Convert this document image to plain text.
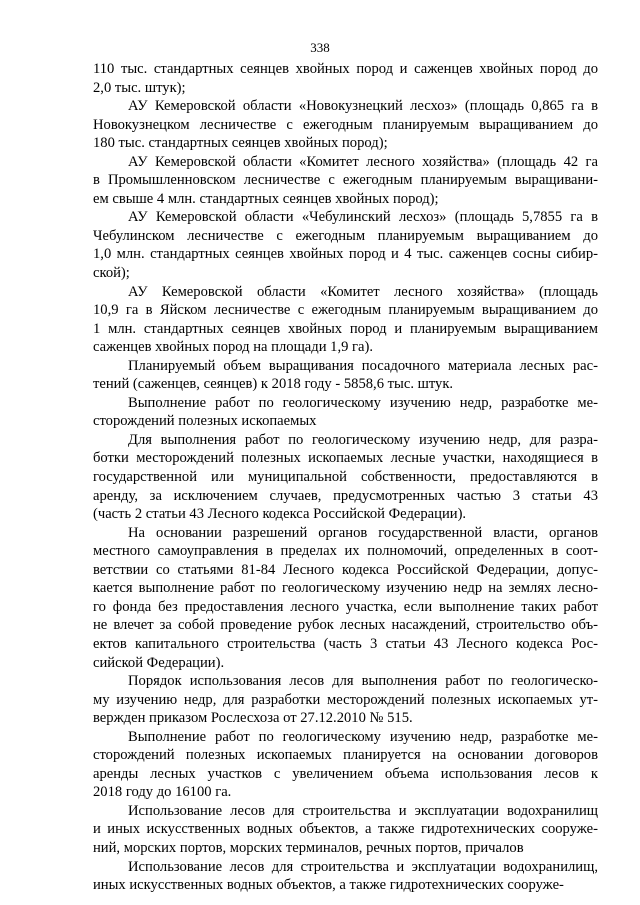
338
110 тыс. стандартных сеянцев хвойных пород и саженцев хвойных пород до
2,0 тыс. штук);
АУ Кемеровской области «Новокузнецкий лесхоз» (площадь 0,865 га в
Новокузнецком лесничестве с ежегодным планируемым выращиванием до
180 тыс. стандартных сеянцев хвойных пород);
АУ Кемеровской области «Комитет лесного хозяйства» (площадь 42 га
в Промышленновском лесничестве с ежегодным планируемым выращивани-
ем свыше 4 млн. стандартных сеянцев хвойных пород);
АУ Кемеровской области «Чебулинский лесхоз» (площадь 5,7855 га в
Чебулинском лесничестве с ежегодным планируемым выращиванием до
1,0 млн. стандартных сеянцев хвойных пород и 4 тыс. саженцев сосны сибир-
ской);
АУ Кемеровской области «Комитет лесного хозяйства» (площадь
10,9 га в Яйском лесничестве с ежегодным планируемым выращиванием до
1 млн. стандартных сеянцев хвойных пород и планируемым выращиванием
саженцев хвойных пород на площади 1,9 га).
Планируемый объем выращивания посадочного материала лесных рас-
тений (саженцев, сеянцев) к 2018 году - 5858,6 тыс. штук.
Выполнение работ по геологическому изучению недр, разработке ме-
сторождений полезных ископаемых
Для выполнения работ по геологическому изучению недр, для разра-
ботки месторождений полезных ископаемых лесные участки, находящиеся в
государственной или муниципальной собственности, предоставляются в
аренду, за исключением случаев, предусмотренных частью 3 статьи 43
(часть 2 статьи 43 Лесного кодекса Российской Федерации).
На основании разрешений органов государственной власти, органов
местного самоуправления в пределах их полномочий, определенных в соот-
ветствии со статьями 81-84 Лесного кодекса Российской Федерации, допус-
кается выполнение работ по геологическому изучению недр на землях лесно-
го фонда без предоставления лесного участка, если выполнение таких работ
не влечет за собой проведение рубок лесных насаждений, строительство объ-
ектов капитального строительства (часть 3 статьи 43 Лесного кодекса Рос-
сийской Федерации).
Порядок использования лесов для выполнения работ по геологическо-
му изучению недр, для разработки месторождений полезных ископаемых ут-
вержден приказом Рослесхоза от 27.12.2010 № 515.
Выполнение работ по геологическому изучению недр, разработке ме-
сторождений полезных ископаемых планируется на основании договоров
аренды лесных участков с увеличением объема использования лесов к
2018 году до 16100 га.
Использование лесов для строительства и эксплуатации водохранилищ
и иных искусственных водных объектов, а также гидротехнических сооруже-
ний, морских портов, морских терминалов, речных портов, причалов
Использование лесов для строительства и эксплуатации водохранилищ,
иных искусственных водных объектов, а также гидротехнических сооруже-
